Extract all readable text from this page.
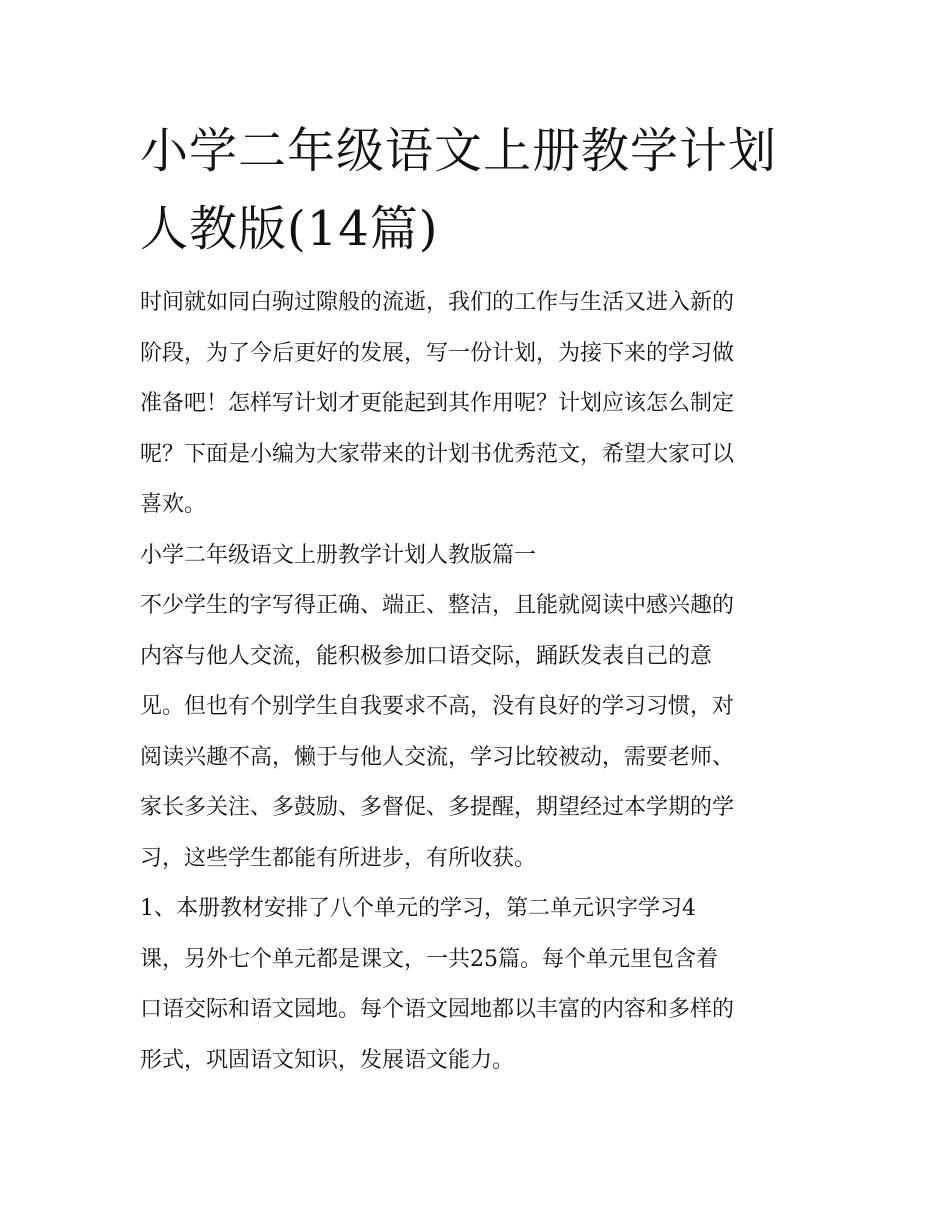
小学二年级语文上册教学计划
人教版(14篇)

时间就如同白驹过隙般的流逝，我们的工作与生活又进入新的
阶段，为了今后更好的发展，写一份计划，为接下来的学习做
准备吧！怎样写计划才更能起到其作用呢？计划应该怎么制定
呢？下面是小编为大家带来的计划书优秀范文，希望大家可以
喜欢。

小学二年级语文上册教学计划人教版篇一

不少学生的字写得正确、端正、整洁，且能就阅读中感兴趣的
内容与他人交流，能积极参加口语交际，踊跃发表自己的意
见。但也有个别学生自我要求不高，没有良好的学习习惯，对
阅读兴趣不高，懒于与他人交流，学习比较被动，需要老师、
家长多关注、多鼓励、多督促、多提醒，期望经过本学期的学
习，这些学生都能有所进步，有所收获。

1、本册教材安排了八个单元的学习，第二单元识字学习4
课，另外七个单元都是课文，一共25篇。每个单元里包含着
口语交际和语文园地。每个语文园地都以丰富的内容和多样的
形式，巩固语文知识，发展语文能力。
